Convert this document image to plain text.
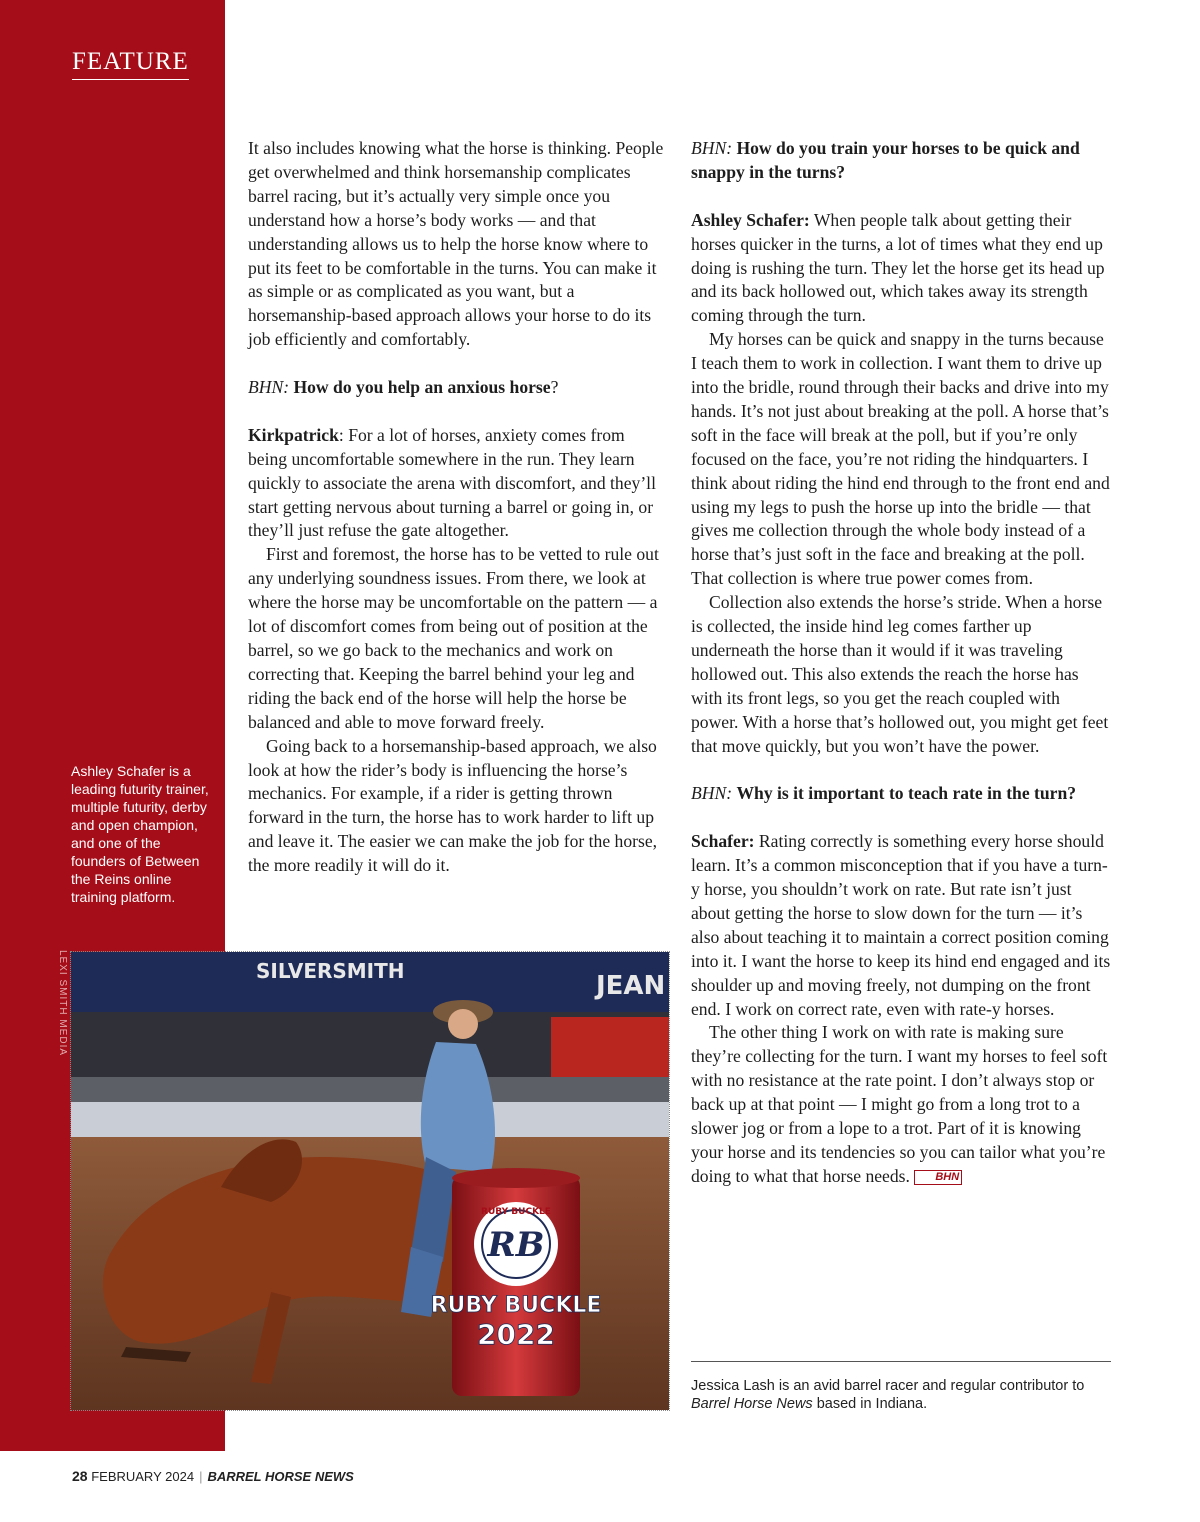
FEATURE

Ashley Schafer is a leading futurity trainer, multiple futurity, derby and open champion, and one of the founders of Between the Reins online training platform.

LEXI SMITH MEDIA	SILVERSMITH	JEAN
RUBY BUCKLE
RB
RUBY BUCKLE
2022

It also includes knowing what the horse is thinking. People get overwhelmed and think horsemanship complicates barrel racing, but it’s actually very simple once you understand how a horse’s body works — and that understanding allows us to help the horse know where to put its feet to be comfortable in the turns. You can make it as simple or as complicated as you want, but a horsemanship-based approach allows your horse to do its job efficiently and comfortably.

BHN: How do you help an anxious horse?

Kirkpatrick: For a lot of horses, anxiety comes from being uncomfortable somewhere in the run. They learn quickly to associate the arena with discomfort, and they’ll start getting nervous about turning a barrel or going in, or they’ll just refuse the gate altogether.

First and foremost, the horse has to be vetted to rule out any underlying soundness issues. From there, we look at where the horse may be uncomfortable on the pattern — a lot of discomfort comes from being out of position at the barrel, so we go back to the mechanics and work on correcting that. Keeping the barrel behind your leg and riding the back end of the horse will help the horse be balanced and able to move forward freely.

Going back to a horsemanship-based approach, we also look at how the rider’s body is influencing the horse’s mechanics. For example, if a rider is getting thrown forward in the turn, the horse has to work harder to lift up and leave it. The easier we can make the job for the horse, the more readily it will do it.

BHN: How do you train your horses to be quick and snappy in the turns?

Ashley Schafer: When people talk about getting their horses quicker in the turns, a lot of times what they end up doing is rushing the turn. They let the horse get its head up and its back hollowed out, which takes away its strength coming through the turn.

My horses can be quick and snappy in the turns because I teach them to work in collection. I want them to drive up into the bridle, round through their backs and drive into my hands. It’s not just about breaking at the poll. A horse that’s soft in the face will break at the poll, but if you’re only focused on the face, you’re not riding the hindquarters. I think about riding the hind end through to the front end and using my legs to push the horse up into the bridle — that gives me collection through the whole body instead of a horse that’s just soft in the face and breaking at the poll. That collection is where true power comes from.

Collection also extends the horse’s stride. When a horse is collected, the inside hind leg comes farther up underneath the horse than it would if it was traveling hollowed out. This also extends the reach the horse has with its front legs, so you get the reach coupled with power. With a horse that’s hollowed out, you might get feet that move quickly, but you won’t have the power.

BHN: Why is it important to teach rate in the turn?

Schafer: Rating correctly is something every horse should learn. It’s a common misconception that if you have a turn-y horse, you shouldn’t work on rate. But rate isn’t just about getting the horse to slow down for the turn — it’s also about teaching it to maintain a correct position coming into it. I want the horse to keep its hind end engaged and its shoulder up and moving freely, not dumping on the front end. I work on correct rate, even with rate-y horses.

The other thing I work on with rate is making sure they’re collecting for the turn. I want my horses to feel soft with no resistance at the rate point. I don’t always stop or back up at that point — I might go from a long trot to a slower jog or from a lope to a trot. Part of it is knowing your horse and its tendencies so you can tailor what you’re doing to what that horse needs. BHN

Jessica Lash is an avid barrel racer and regular contributor to Barrel Horse News based in Indiana.

28 FEBRUARY 2024 | BARREL HORSE NEWS
